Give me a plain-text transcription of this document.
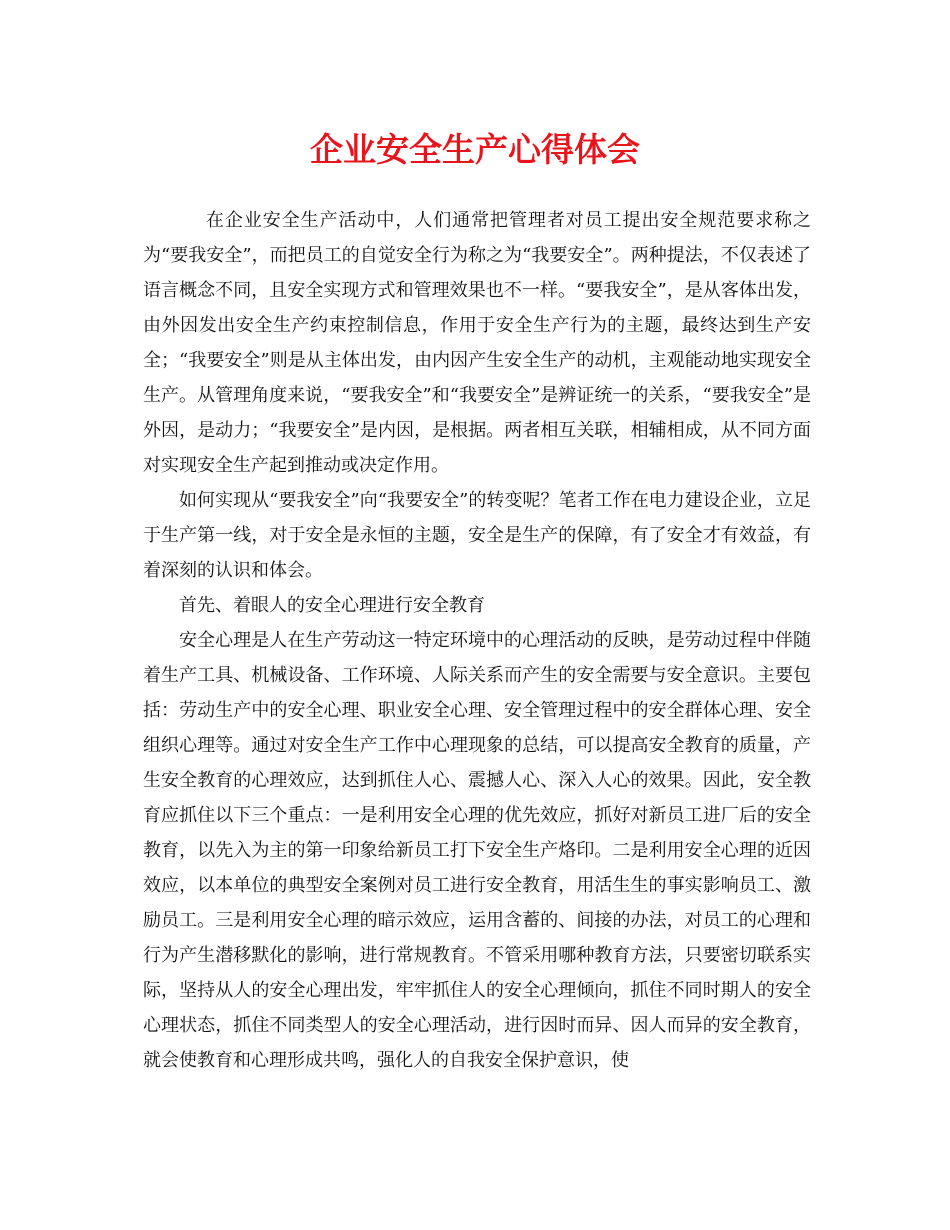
企业安全生产心得体会

在企业安全生产活动中，人们通常把管理者对员工提出安全规范要求称之为“要我安全”，而把员工的自觉安全行为称之为“我要安全”。两种提法，不仅表述了语言概念不同，且安全实现方式和管理效果也不一样。“要我安全”，是从客体出发，由外因发出安全生产约束控制信息，作用于安全生产行为的主题，最终达到生产安全；“我要安全”则是从主体出发，由内因产生安全生产的动机，主观能动地实现安全生产。从管理角度来说，“要我安全”和“我要安全”是辨证统一的关系，“要我安全”是外因，是动力；“我要安全”是内因，是根据。两者相互关联，相辅相成，从不同方面对实现安全生产起到推动或决定作用。

如何实现从“要我安全”向“我要安全”的转变呢？笔者工作在电力建设企业，立足于生产第一线，对于安全是永恒的主题，安全是生产的保障，有了安全才有效益，有着深刻的认识和体会。

首先、着眼人的安全心理进行安全教育

安全心理是人在生产劳动这一特定环境中的心理活动的反映，是劳动过程中伴随着生产工具、机械设备、工作环境、人际关系而产生的安全需要与安全意识。主要包括：劳动生产中的安全心理、职业安全心理、安全管理过程中的安全群体心理、安全组织心理等。通过对安全生产工作中心理现象的总结，可以提高安全教育的质量，产生安全教育的心理效应，达到抓住人心、震撼人心、深入人心的效果。因此，安全教育应抓住以下三个重点：一是利用安全心理的优先效应，抓好对新员工进厂后的安全教育，以先入为主的第一印象给新员工打下安全生产烙印。二是利用安全心理的近因效应，以本单位的典型安全案例对员工进行安全教育，用活生生的事实影响员工、激励员工。三是利用安全心理的暗示效应，运用含蓄的、间接的办法，对员工的心理和行为产生潜移默化的影响，进行常规教育。不管采用哪种教育方法，只要密切联系实际，坚持从人的安全心理出发，牢牢抓住人的安全心理倾向，抓住不同时期人的安全心理状态，抓住不同类型人的安全心理活动，进行因时而异、因人而异的安全教育，就会使教育和心理形成共鸣，强化人的自我安全保护意识，使
